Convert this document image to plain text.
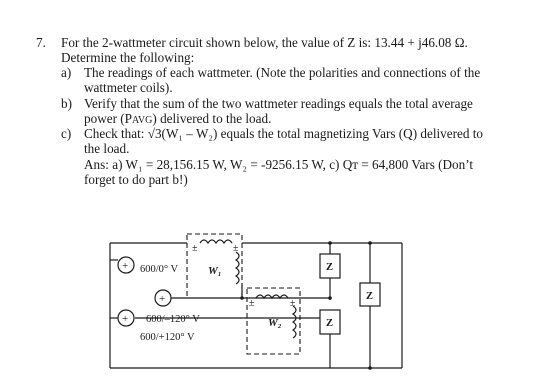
7. For the 2-wattmeter circuit shown below, the value of Z is: 13.44 + j46.08 Ω.
Determine the following:
a) The readings of each wattmeter. (Note the polarities and connections of the
wattmeter coils).
b) Verify that the sum of the two wattmeter readings equals the total average
power (PAVG) delivered to the load.
c) Check that: √3(W₁ – W₂) equals the total magnetizing Vars (Q) delivered to
the load.
Ans: a) W₁ = 28,156.15 W, W₂ = -9256.15 W, c) Qᴛ = 64,800 Vars (Don’t
forget to do part b!)
+
+
+
600/0° V
600/–120° V
600/+120° V
W₁
W₂
±	±
±	±
Z
Z
Z
